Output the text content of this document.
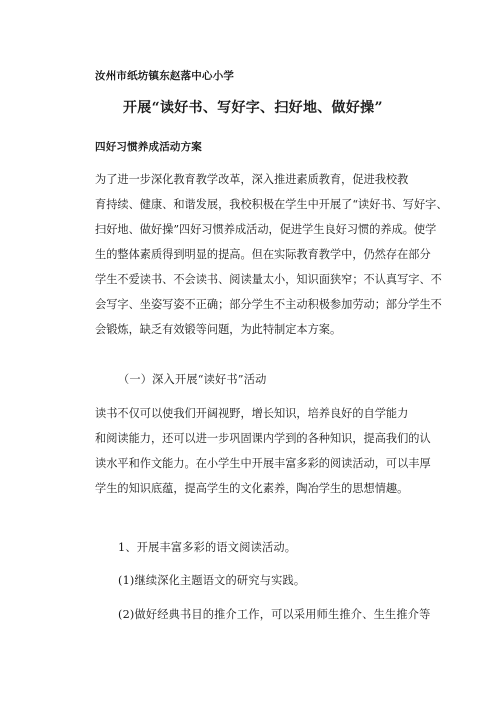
汝州市纸坊镇东赵落中心小学
开展“读好书、写好字、扫好地、做好操”
四好习惯养成活动方案
为了进一步深化教育教学改革，深入推进素质教育，促进我校教
育持续、健康、和谐发展，我校积极在学生中开展了“读好书、写好字、
扫好地、做好操”四好习惯养成活动，促进学生良好习惯的养成。使学
生的整体素质得到明显的提高。但在实际教育教学中，仍然存在部分
学生不爱读书、不会读书、阅读量太小，知识面狭窄；不认真写字、不
会写字、坐姿写姿不正确；部分学生不主动积极参加劳动；部分学生不
会锻炼，缺乏有效锻等问题，为此特制定本方案。
（一）深入开展“读好书”活动
读书不仅可以使我们开阔视野，增长知识，培养良好的自学能力
和阅读能力，还可以进一步巩固课内学到的各种知识，提高我们的认
读水平和作文能力。在小学生中开展丰富多彩的阅读活动，可以丰厚
学生的知识底蕴，提高学生的文化素养，陶冶学生的思想情趣。
1、开展丰富多彩的语文阅读活动。
(1)继续深化主题语文的研究与实践。
(2)做好经典书目的推介工作，可以采用师生推介、生生推介等
